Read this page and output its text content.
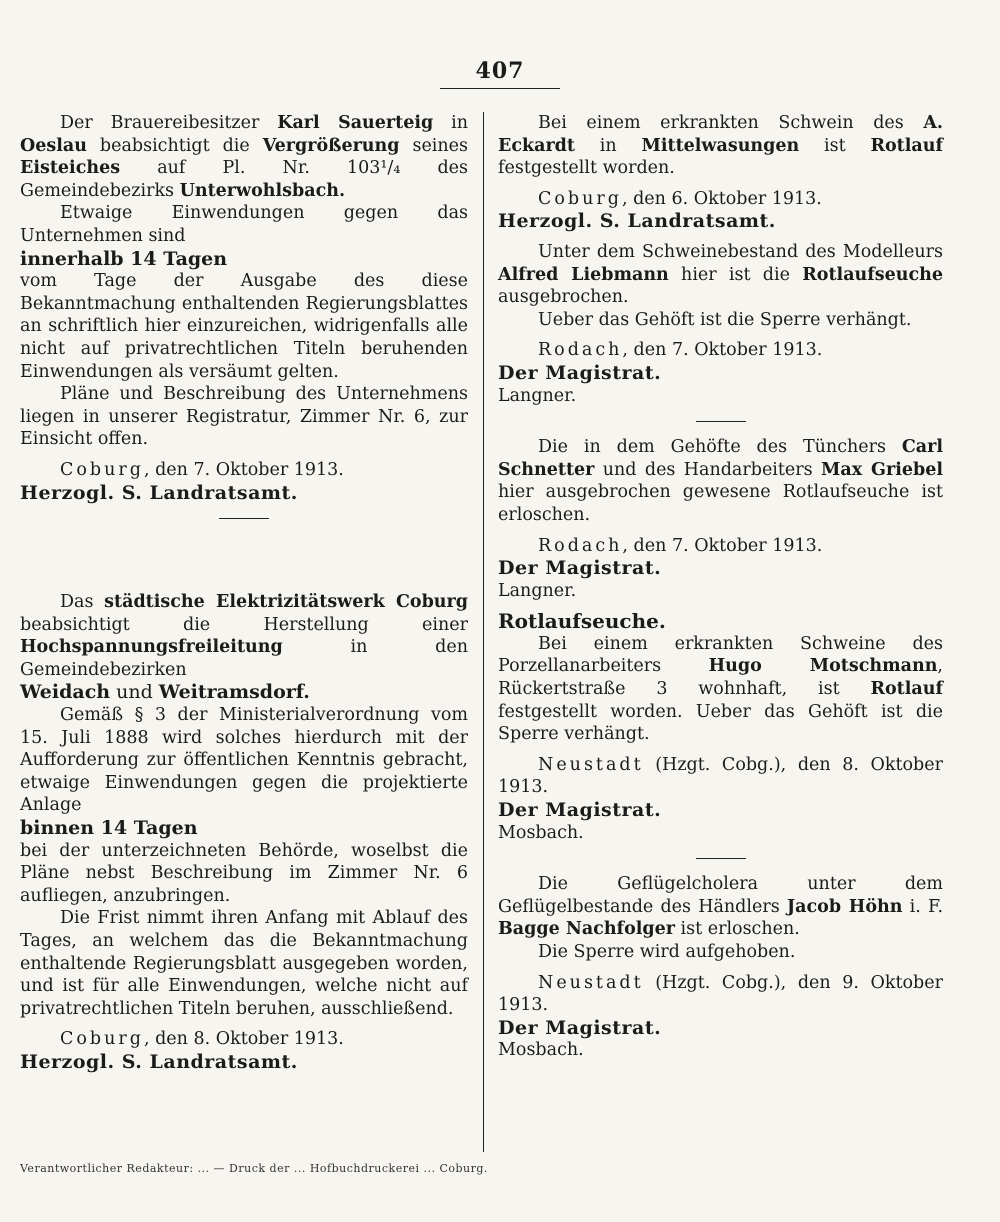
407

Der Brauereibesitzer Karl Sauerteig in Oeslau beabsichtigt die Vergrößerung seines Eisteiches auf Pl. Nr. 103¹/₄ des Gemeindebezirks Unterwohlsbach.

Etwaige Einwendungen gegen das Unternehmen sind

innerhalb 14 Tagen

vom Tage der Ausgabe des diese Bekanntmachung enthaltenden Regierungsblattes an schriftlich hier einzureichen, widrigenfalls alle nicht auf privatrechtlichen Titeln beruhenden Einwendungen als versäumt gelten.

Pläne und Beschreibung des Unternehmens liegen in unserer Registratur, Zimmer Nr. 6, zur Einsicht offen.

Coburg, den 7. Oktober 1913.

Herzogl. S. Landratsamt.

Das städtische Elektrizitätswerk Coburg beabsichtigt die Herstellung einer Hochspannungsfreileitung in den Gemeindebezirken

Weidach und Weitramsdorf.

Gemäß § 3 der Ministerialverordnung vom 15. Juli 1888 wird solches hierdurch mit der Aufforderung zur öffentlichen Kenntnis gebracht, etwaige Einwendungen gegen die projektierte Anlage

binnen 14 Tagen

bei der unterzeichneten Behörde, woselbst die Pläne nebst Beschreibung im Zimmer Nr. 6 aufliegen, anzubringen.

Die Frist nimmt ihren Anfang mit Ablauf des Tages, an welchem das die Bekanntmachung enthaltende Regierungsblatt ausgegeben worden, und ist für alle Einwendungen, welche nicht auf privatrechtlichen Titeln beruhen, ausschließend.

Coburg, den 8. Oktober 1913.

Herzogl. S. Landratsamt.

Bei einem erkrankten Schwein des A. Eckardt in Mittelwasungen ist Rotlauf festgestellt worden.

Coburg, den 6. Oktober 1913.

Herzogl. S. Landratsamt.

Unter dem Schweinebestand des Modelleurs Alfred Liebmann hier ist die Rotlaufseuche ausgebrochen.

Ueber das Gehöft ist die Sperre verhängt.

Rodach, den 7. Oktober 1913.

Der Magistrat.

Langner.

Die in dem Gehöfte des Tünchers Carl Schnetter und des Handarbeiters Max Griebel hier ausgebrochen gewesene Rotlaufseuche ist erloschen.

Rodach, den 7. Oktober 1913.

Der Magistrat.

Langner.

Rotlaufseuche.

Bei einem erkrankten Schweine des Porzellanarbeiters Hugo Motschmann, Rückertstraße 3 wohnhaft, ist Rotlauf festgestellt worden. Ueber das Gehöft ist die Sperre verhängt.

Neustadt (Hzgt. Cobg.), den 8. Oktober 1913.

Der Magistrat.

Mosbach.

Die Geflügelcholera unter dem Geflügelbestande des Händlers Jacob Höhn i. F. Bagge Nachfolger ist erloschen.

Die Sperre wird aufgehoben.

Neustadt (Hzgt. Cobg.), den 9. Oktober 1913.

Der Magistrat.

Mosbach.

Verantwortlicher Redakteur: ... — Druck der ... Hofbuchdruckerei ... Coburg.
